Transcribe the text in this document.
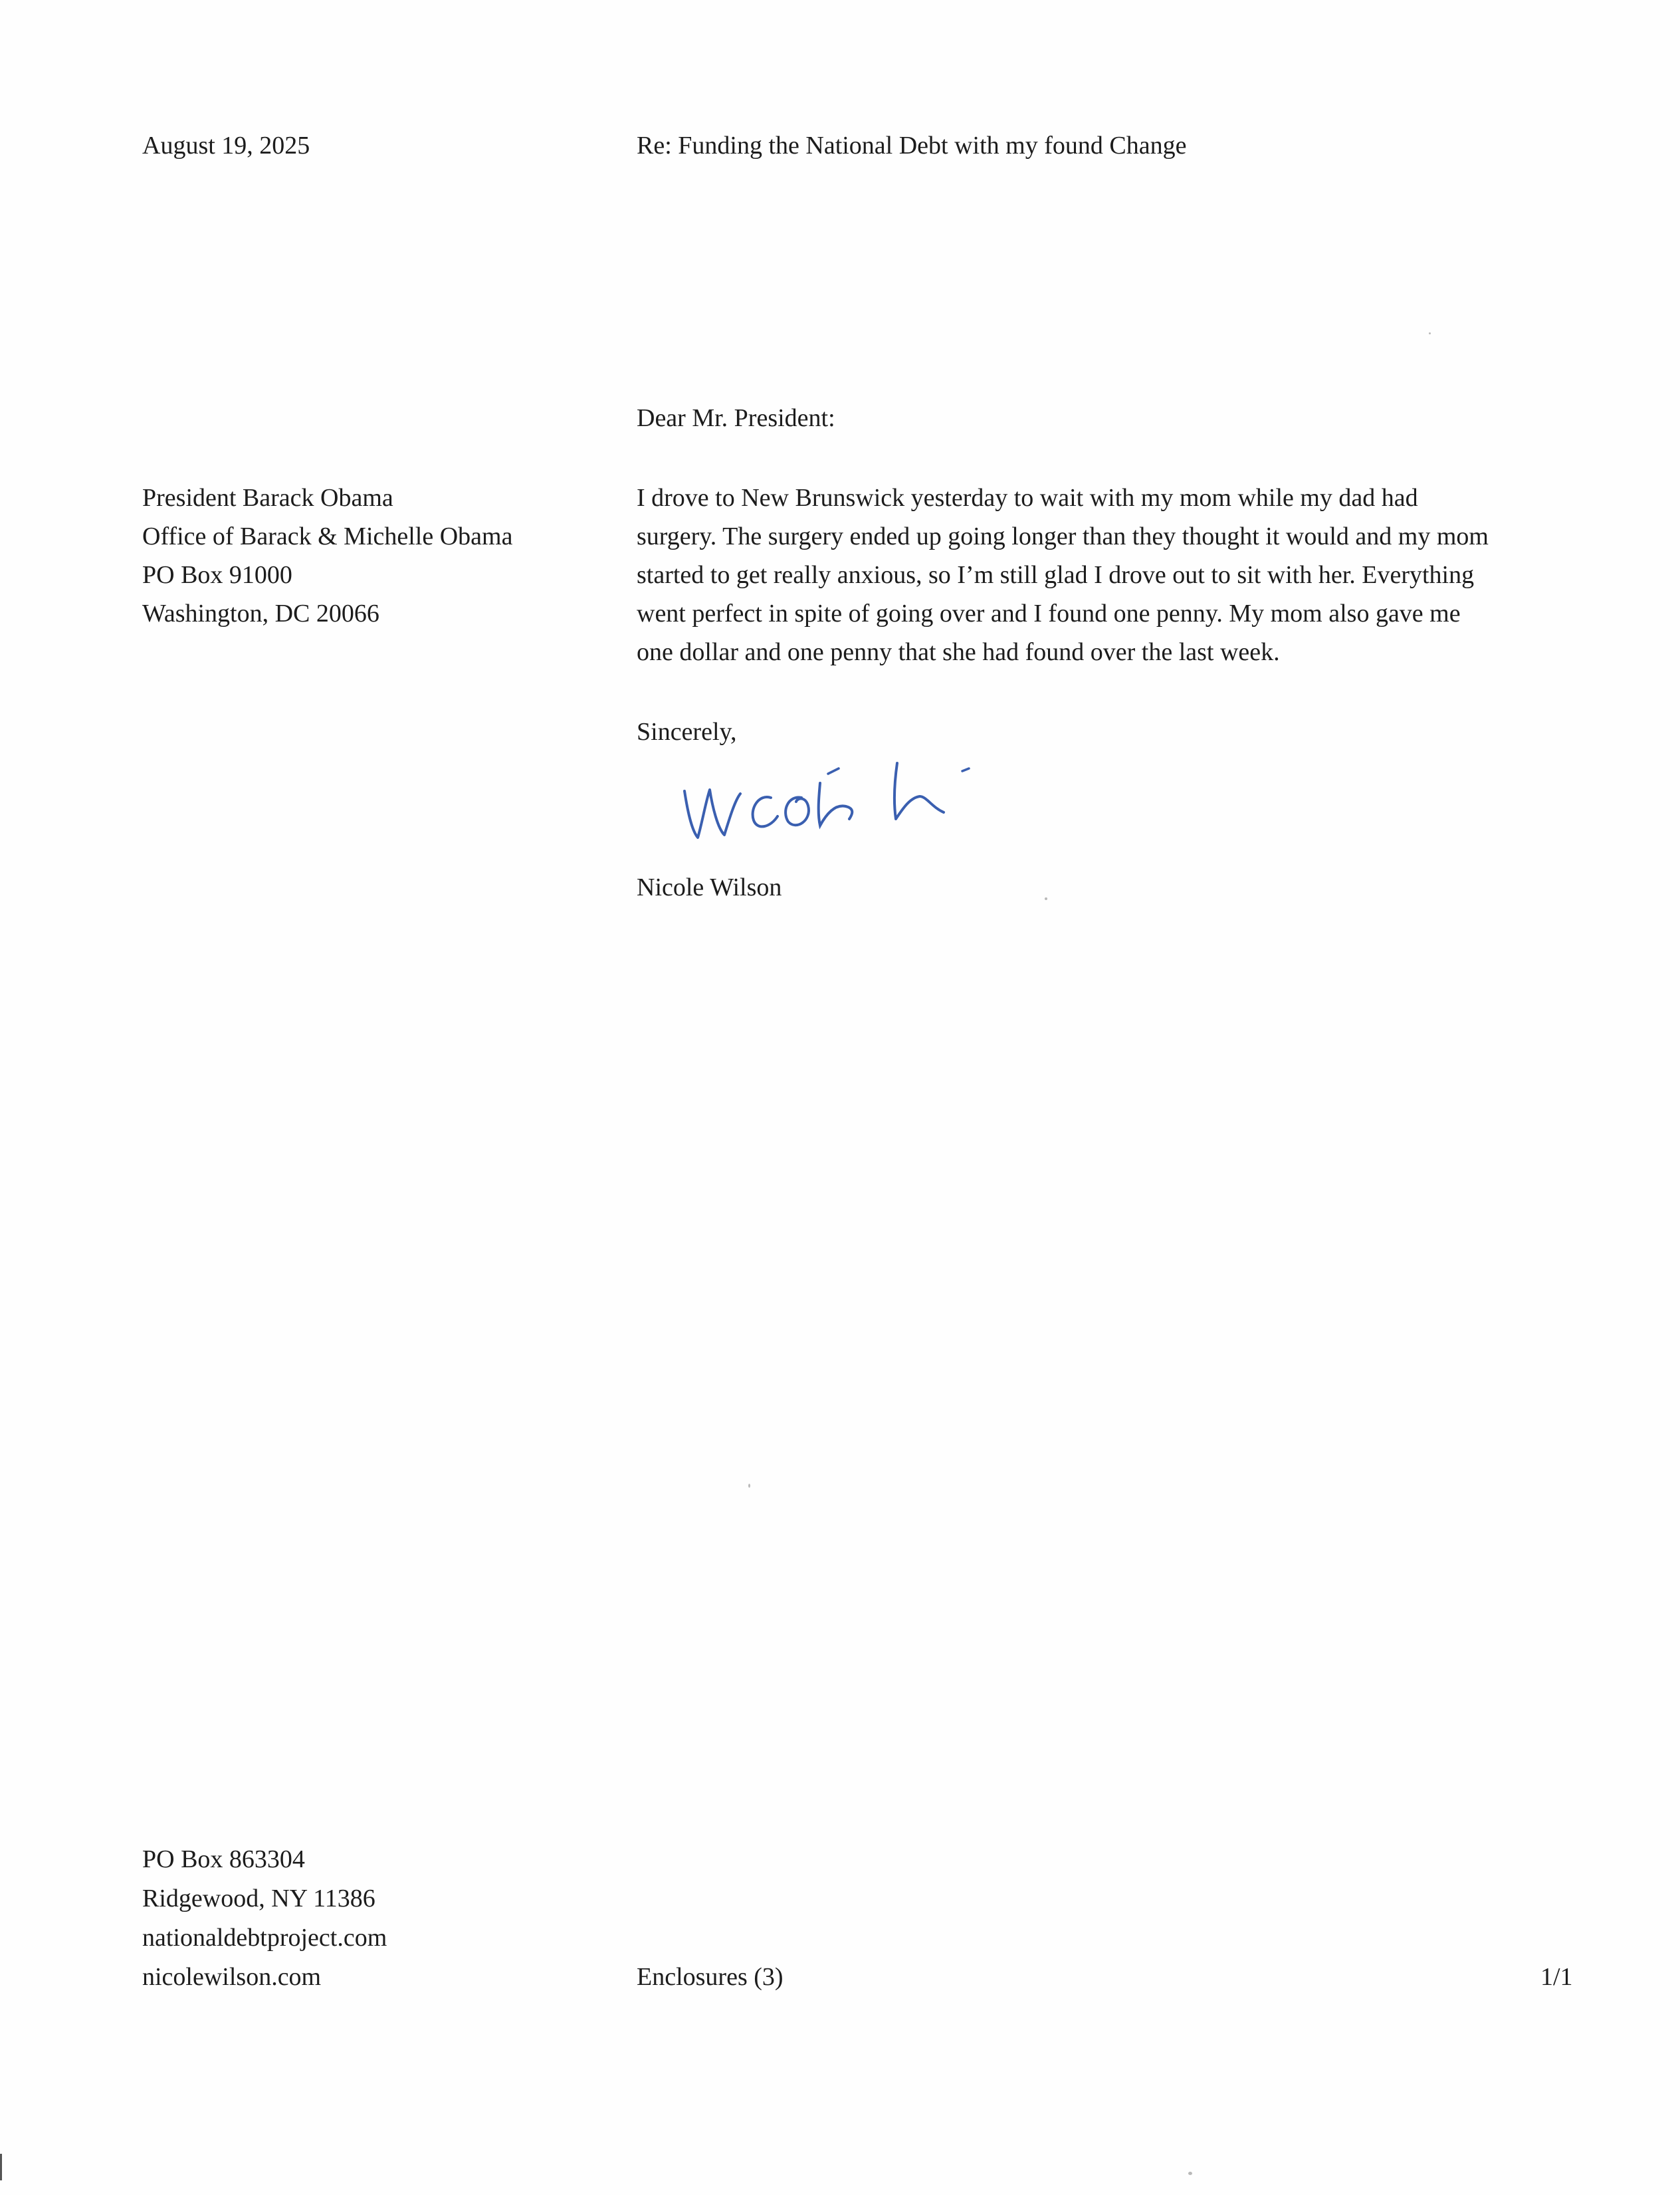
August 19, 2025	Re: Funding the National Debt with my found Change
Dear Mr. President:
President Barack Obama
Office of Barack & Michelle Obama
PO Box 91000
Washington, DC 20066
I drove to New Brunswick yesterday to wait with my mom while my dad had
surgery. The surgery ended up going longer than they thought it would and my mom
started to get really anxious, so I’m still glad I drove out to sit with her. Everything
went perfect in spite of going over and I found one penny. My mom also gave me
one dollar and one penny that she had found over the last week.
Sincerely,
Nicole Wilson
PO Box 863304
Ridgewood, NY 11386
nationaldebtproject.com
nicolewilson.com	Enclosures (3)	1/1
